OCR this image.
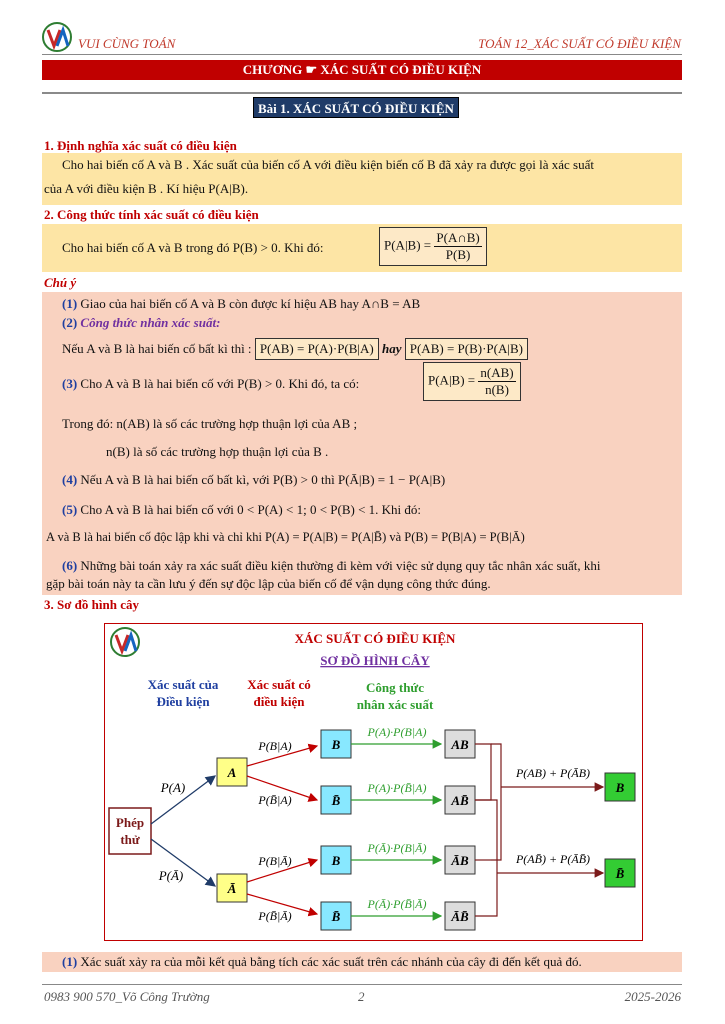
VUI CÙNG TOÁN	TOÁN 12_XÁC SUẤT CÓ ĐIỀU KIỆN
CHƯƠNG ☛ XÁC SUẤT CÓ ĐIỀU KIỆN
Bài 1. XÁC SUẤT CÓ ĐIỀU KIỆN
1. Định nghĩa xác suất có điều kiện
Cho hai biến cố A và B . Xác suất của biến cố A với điều kiện biến cố B đã xảy ra được gọi là xác suất
của A với điều kiện B . Kí hiệu P(A|B).
2. Công thức tính xác suất có điều kiện
Cho hai biến cố A và B trong đó P(B) > 0. Khi đó:	$P(A|B) = \frac{P(A\cap B)}{P(B)}$
Chú ý
(1) Giao của hai biến cố A và B còn được kí hiệu AB hay A∩B = AB
(2) Công thức nhân xác suất:
Nếu A và B là hai biến cố bất kì thì : P(AB) = P(A)·P(B|A) hay P(AB) = P(B)·P(A|B)
(3) Cho A và B là hai biến cố với P(B) > 0. Khi đó, ta có:	$P(A|B) = \frac{n(AB)}{n(B)}$
Trong đó: n(AB) là số các trường hợp thuận lợi của AB ;
n(B) là số các trường hợp thuận lợi của B .
(4) Nếu A và B là hai biến cố bất kì, với P(B) > 0 thì P(Ā|B) = 1 − P(A|B)
(5) Cho A và B là hai biến cố với 0 < P(A) < 1; 0 < P(B) < 1. Khi đó:
A và B là hai biến cố độc lập khi và chỉ khi P(A) = P(A|B) = P(A|B̄) và P(B) = P(B|A) = P(B|Ā)
(6) Những bài toán xảy ra xác suất điều kiện thường đi kèm với việc sử dụng quy tắc nhân xác suất, khi
gặp bài toán này ta cần lưu ý đến sự độc lập của biến cố để vận dụng công thức đúng.
3. Sơ đồ hình cây
XÁC SUẤT CÓ ĐIỀU KIỆN
SƠ ĐỒ HÌNH CÂY
Xác suất của
Điều kiện
Xác suất có
điều kiện
Công thức
nhân xác suất
Phép
thử
P(A)
P(Ā)
A
Ā
P(B|A)
P(B̄|A)
P(B|Ā)
P(B̄|Ā)
B
B̄
B
B̄
P(A)·P(B|A)
P(A)·P(B̄|A)
P(Ā)·P(B|Ā)
P(Ā)·P(B̄|Ā)
AB
AB̄
ĀB
ĀB̄
P(AB) + P(ĀB)
P(AB̄) + P(ĀB̄)
B
B̄
(1) Xác suất xảy ra của mỗi kết quả bằng tích các xác suất trên các nhánh của cây đi đến kết quả đó.
0983 900 570_Võ Công Trường	2	2025-2026
